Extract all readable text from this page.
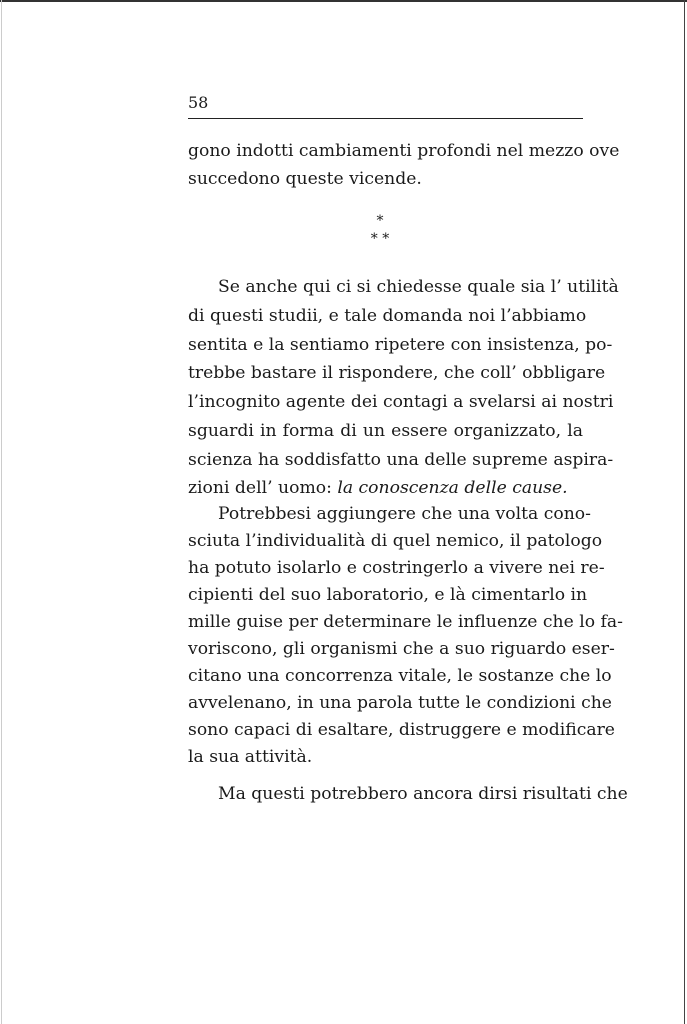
58
gono indotti cambiamenti profondi nel mezzo ove
succedono queste vicende.
*
* *
Se anche qui ci si chiedesse quale sia l’ utilità
di questi studii, e tale domanda noi l’abbiamo
sentita e la sentiamo ripetere con insistenza, po-
trebbe bastare il rispondere, che coll’ obbligare
l’incognito agente dei contagi a svelarsi ai nostri
sguardi in forma di un essere organizzato, la
scienza ha soddisfatto una delle supreme aspira-
zioni dell’ uomo: la conoscenza delle cause.
Potrebbesi aggiungere che una volta cono-
sciuta l’individualità di quel nemico, il patologo
ha potuto isolarlo e costringerlo a vivere nei re-
cipienti del suo laboratorio, e là cimentarlo in
mille guise per determinare le influenze che lo fa-
voriscono, gli organismi che a suo riguardo eser-
citano una concorrenza vitale, le sostanze che lo
avvelenano, in una parola tutte le condizioni che
sono capaci di esaltare, distruggere e modificare
la sua attività.
Ma questi potrebbero ancora dirsi risultati che
